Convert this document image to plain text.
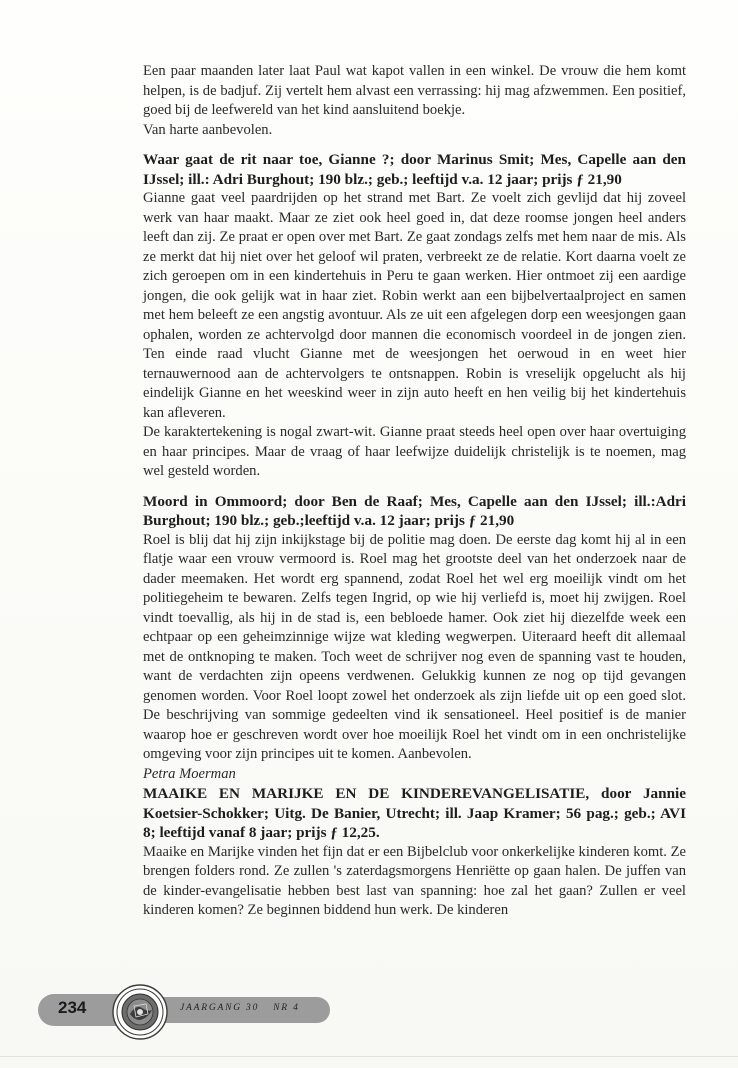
Een paar maanden later laat Paul wat kapot vallen in een winkel. De vrouw die hem komt helpen, is de badjuf. Zij vertelt hem alvast een verrassing: hij mag afzwemmen. Een positief, goed bij de leefwereld van het kind aansluitend boekje.

Van harte aanbevolen.

Waar gaat de rit naar toe, Gianne ?; door Marinus Smit; Mes, Capelle aan den IJssel; ill.: Adri Burghout; 190 blz.; geb.; leeftijd v.a. 12 jaar; prijs ƒ 21,90

Gianne gaat veel paardrijden op het strand met Bart. Ze voelt zich gevlijd dat hij zoveel werk van haar maakt. Maar ze ziet ook heel goed in, dat deze roomse jongen heel anders leeft dan zij. Ze praat er open over met Bart. Ze gaat zondags zelfs met hem naar de mis. Als ze merkt dat hij niet over het geloof wil praten, verbreekt ze de relatie. Kort daarna voelt ze zich geroepen om in een kindertehuis in Peru te gaan werken. Hier ontmoet zij een aardige jongen, die ook gelijk wat in haar ziet. Robin werkt aan een bijbelvertaalproject en samen met hem beleeft ze een angstig avontuur. Als ze uit een afgelegen dorp een weesjongen gaan ophalen, worden ze achtervolgd door mannen die economisch voordeel in de jongen zien. Ten einde raad vlucht Gianne met de weesjongen het oerwoud in en weet hier ternauwernood aan de achtervolgers te ontsnappen. Robin is vreselijk opgelucht als hij eindelijk Gianne en het weeskind weer in zijn auto heeft en hen veilig bij het kindertehuis kan afleveren.

De karaktertekening is nogal zwart-wit. Gianne praat steeds heel open over haar overtuiging en haar principes. Maar de vraag of haar leefwijze duidelijk christelijk is te noemen, mag wel gesteld worden.

Moord in Ommoord; door Ben de Raaf; Mes, Capelle aan den IJssel; ill.:Adri Burghout; 190 blz.; geb.;leeftijd v.a. 12 jaar; prijs ƒ 21,90

Roel is blij dat hij zijn inkijkstage bij de politie mag doen. De eerste dag komt hij al in een flatje waar een vrouw vermoord is. Roel mag het grootste deel van het onderzoek naar de dader meemaken. Het wordt erg spannend, zodat Roel het wel erg moeilijk vindt om het politiegeheim te bewaren. Zelfs tegen Ingrid, op wie hij verliefd is, moet hij zwijgen. Roel vindt toevallig, als hij in de stad is, een bebloede hamer. Ook ziet hij diezelfde week een echtpaar op een geheimzinnige wijze wat kleding wegwerpen. Uiteraard heeft dit allemaal met de ontknoping te maken. Toch weet de schrijver nog even de spanning vast te houden, want de verdachten zijn opeens verdwenen. Gelukkig kunnen ze nog op tijd gevangen genomen worden. Voor Roel loopt zowel het onderzoek als zijn liefde uit op een goed slot. De beschrijving van sommige gedeelten vind ik sensationeel. Heel positief is de manier waarop hoe er geschreven wordt over hoe moeilijk Roel het vindt om in een onchristelijke omgeving voor zijn principes uit te komen. Aanbevolen.

Petra Moerman

MAAIKE EN MARIJKE EN DE KINDEREVANGELISATIE, door Jannie Koetsier-Schokker; Uitg. De Banier, Utrecht; ill. Jaap Kramer; 56 pag.; geb.; AVI 8; leeftijd vanaf 8 jaar; prijs ƒ 12,25.

Maaike en Marijke vinden het fijn dat er een Bijbelclub voor onkerkelijke kinderen komt. Ze brengen folders rond. Ze zullen 's zaterdagsmorgens Henriëtte op gaan halen. De juffen van de kinder-evangelisatie hebben best last van spanning: hoe zal het gaan? Zullen er veel kinderen komen? Ze beginnen biddend hun werk. De kinderen

234	JAARGANG 30 NR 4
